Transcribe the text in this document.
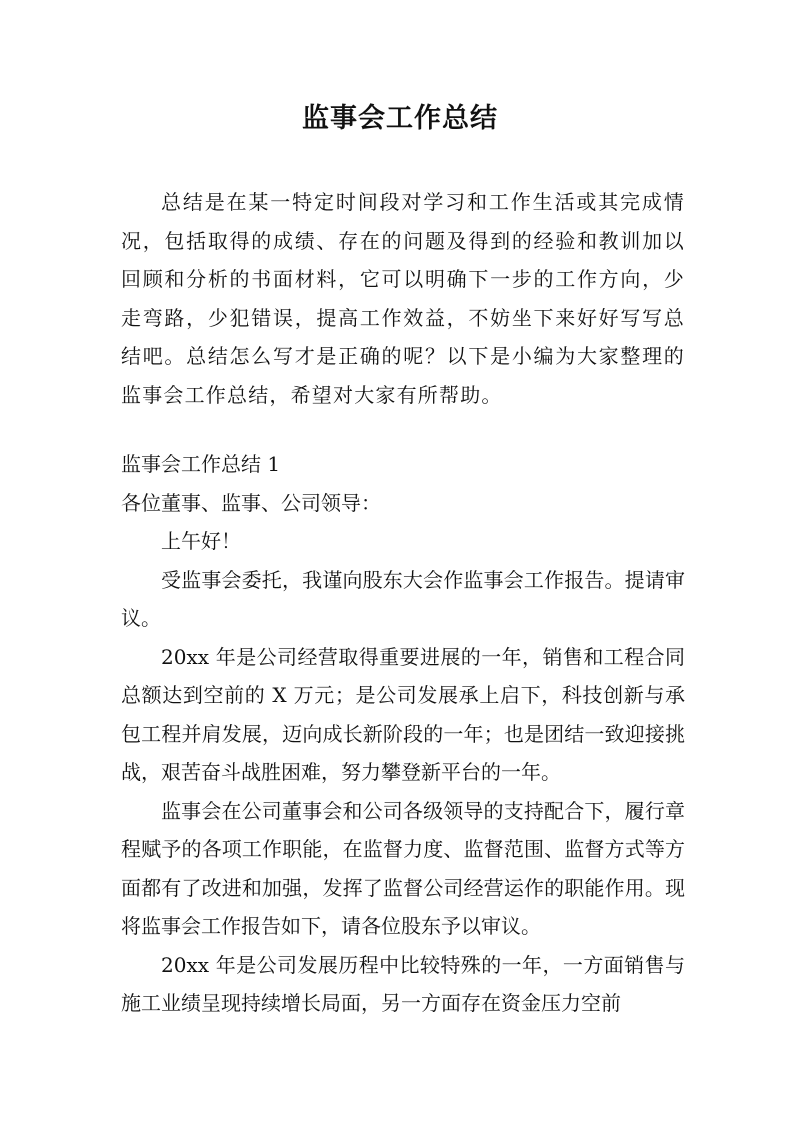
监事会工作总结

总结是在某一特定时间段对学习和工作生活或其完成情况，包括取得的成绩、存在的问题及得到的经验和教训加以回顾和分析的书面材料，它可以明确下一步的工作方向，少走弯路，少犯错误，提高工作效益，不妨坐下来好好写写总结吧。总结怎么写才是正确的呢？以下是小编为大家整理的监事会工作总结，希望对大家有所帮助。

监事会工作总结 1

各位董事、监事、公司领导：

上午好！

受监事会委托，我谨向股东大会作监事会工作报告。提请审议。

20xx 年是公司经营取得重要进展的一年，销售和工程合同总额达到空前的 X 万元；是公司发展承上启下，科技创新与承包工程并肩发展，迈向成长新阶段的一年；也是团结一致迎接挑战，艰苦奋斗战胜困难，努力攀登新平台的一年。

监事会在公司董事会和公司各级领导的支持配合下，履行章程赋予的各项工作职能，在监督力度、监督范围、监督方式等方面都有了改进和加强，发挥了监督公司经营运作的职能作用。现将监事会工作报告如下，请各位股东予以审议。

20xx 年是公司发展历程中比较特殊的一年，一方面销售与施工业绩呈现持续增长局面，另一方面存在资金压力空前
